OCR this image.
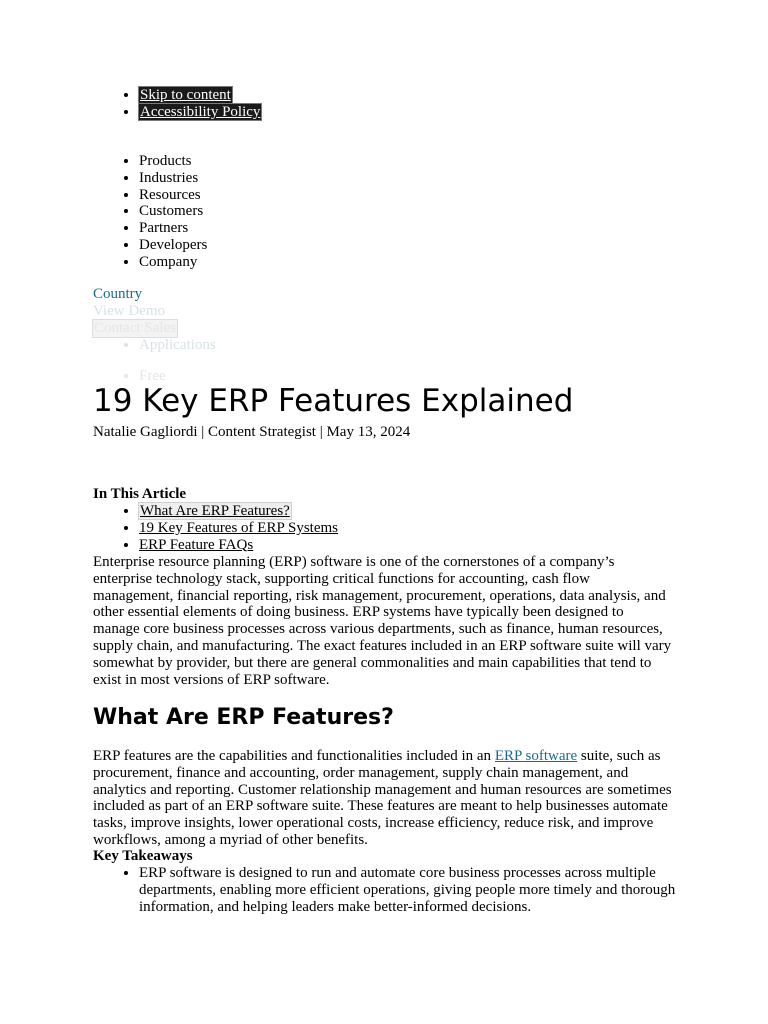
• Skip to content
• Accessibility Policy
• Products
• Industries
• Resources
• Customers
• Partners
• Developers
• Company
Country
View Demo
Contact Sales
• Applications
• Free
19 Key ERP Features Explained
Natalie Gagliordi | Content Strategist | May 13, 2024
In This Article
• What Are ERP Features?
• 19 Key Features of ERP Systems
• ERP Feature FAQs

Enterprise resource planning (ERP) software is one of the cornerstones of a company’s enterprise technology stack, supporting critical functions for accounting, cash flow management, financial reporting, risk management, procurement, operations, data analysis, and other essential elements of doing business. ERP systems have typically been designed to manage core business processes across various departments, such as finance, human resources, supply chain, and manufacturing. The exact features included in an ERP software suite will vary somewhat by provider, but there are general commonalities and main capabilities that tend to exist in most versions of ERP software.

What Are ERP Features?

ERP features are the capabilities and functionalities included in an ERP software suite, such as procurement, finance and accounting, order management, supply chain management, and analytics and reporting. Customer relationship management and human resources are sometimes included as part of an ERP software suite. These features are meant to help businesses automate tasks, improve insights, lower operational costs, increase efficiency, reduce risk, and improve workflows, among a myriad of other benefits.

Key Takeaways
• ERP software is designed to run and automate core business processes across multiple departments, enabling more efficient operations, giving people more timely and thorough information, and helping leaders make better-informed decisions.
